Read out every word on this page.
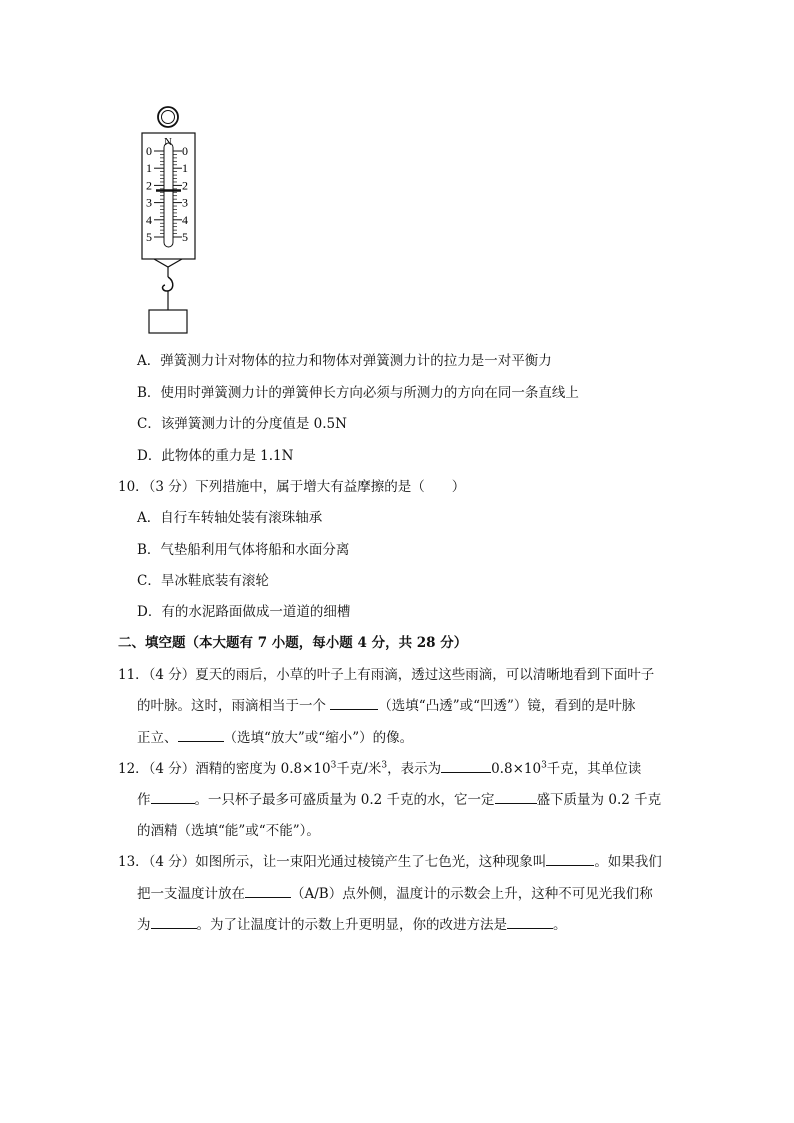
N
0	0
1	1
2	2
3	3
4	4
5	5
A．弹簧测力计对物体的拉力和物体对弹簧测力计的拉力是一对平衡力
B．使用时弹簧测力计的弹簧伸长方向必须与所测力的方向在同一条直线上
C．该弹簧测力计的分度值是 0.5N
D．此物体的重力是 1.1N
10．（3 分）下列措施中，属于增大有益摩擦的是（　　）
A．自行车转轴处装有滚珠轴承
B．气垫船利用气体将船和水面分离
C．旱冰鞋底装有滚轮
D．有的水泥路面做成一道道的细槽
二、填空题（本大题有 7 小题，每小题 4 分，共 28 分）
11．（4 分）夏天的雨后，小草的叶子上有雨滴，透过这些雨滴，可以清晰地看到下面叶子
的叶脉。这时，雨滴相当于一个	（选填“凸透”或“凹透”）镜，看到的是叶脉
正立、	（选填“放大”或“缩小”）的像。
12．（4 分）酒精的密度为 $0.8\times 10^3$千克/米$^3$，表示为	$0.8\times 10^3$千克，其单位读
作	。一只杯子最多可盛质量为 0.2 千克的水，它一定	盛下质量为 0.2 千克
的酒精（选填“能”或“不能”）。
13．（4 分）如图所示，让一束阳光通过棱镜产生了七色光，这种现象叫	。如果我们
把一支温度计放在	（A/B）点外侧，温度计的示数会上升，这种不可见光我们称
为	。为了让温度计的示数上升更明显，你的改进方法是	。
